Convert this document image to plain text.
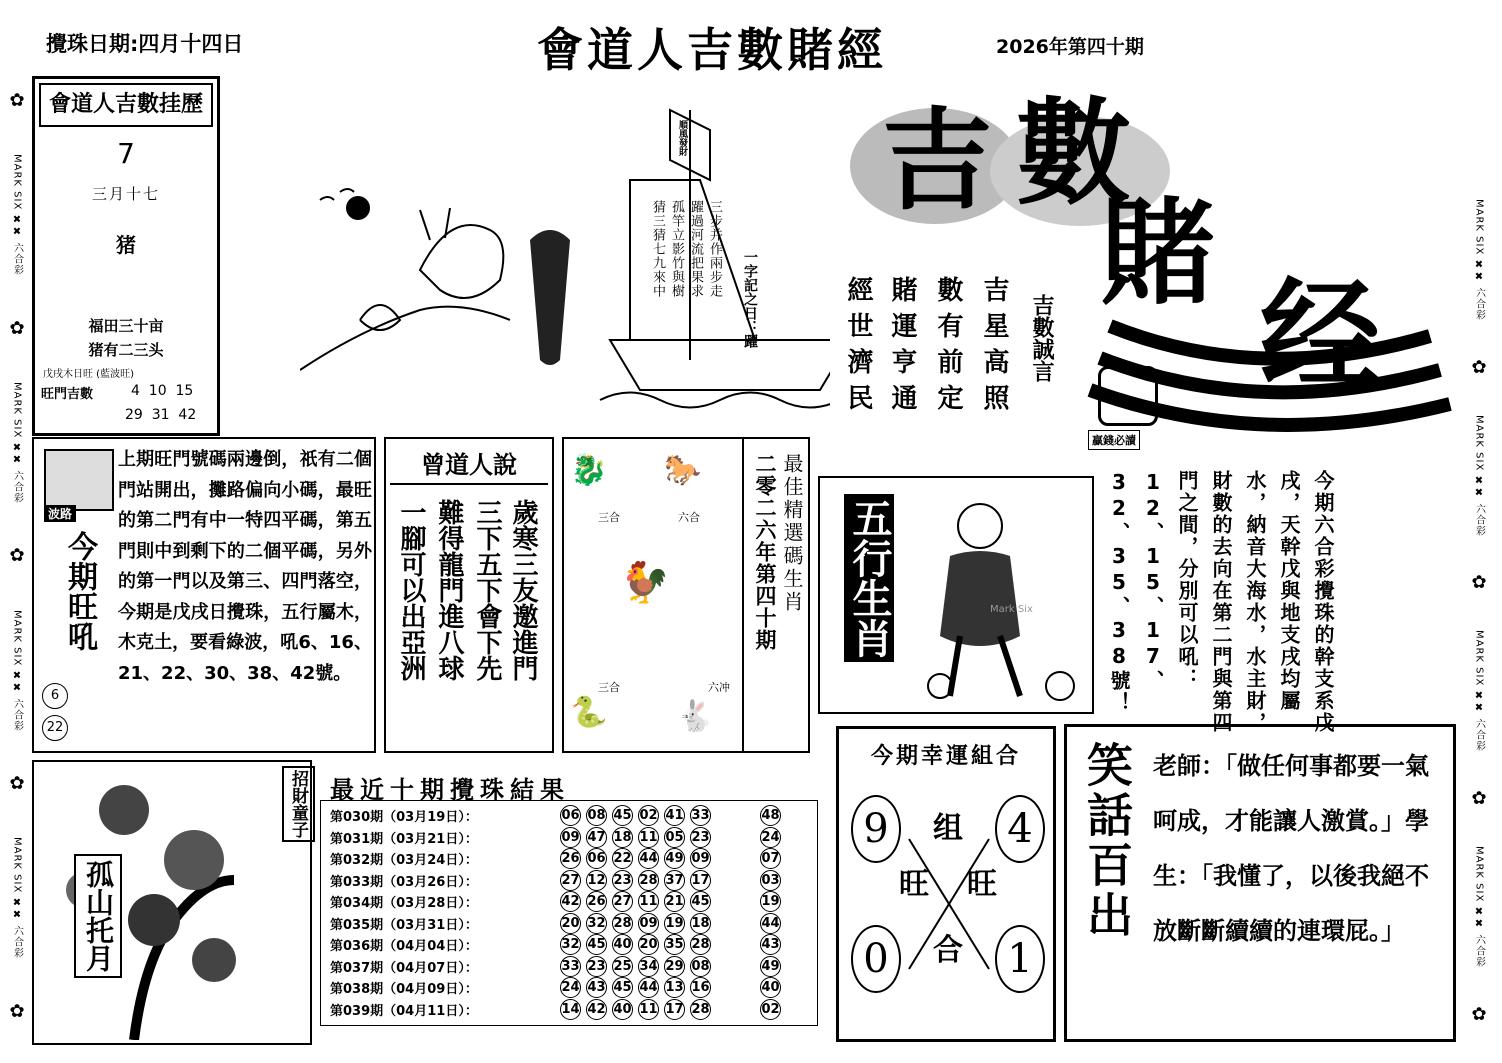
攪珠日期:四月十四日	會道人吉數賭經	2026年第四十期
✿
MARK SIX ✖✖ 六合彩
✿
MARK SIX ✖✖ 六合彩
✿
MARK SIX ✖✖ 六合彩
✿
MARK SIX ✖✖ 六合彩
✿
MARK SIX ✖✖ 六合彩
✿
MARK SIX ✖✖ 六合彩
✿
MARK SIX ✖✖ 六合彩
✿
MARK SIX ✖✖ 六合彩
✿
會道人吉數挂歷
7
三月十七
猪
福田三十亩
猪有二三头
戊戌木日旺 (藍波旺)
旺門吉數	4  10  15
29  31  42
順風發財
三步并作兩步走
躍過河流把果求
孤竿立影竹與樹
猜三猜七九來中
一字記之日：躍
吉 數
賭
经
吉星高照
數有前定
賭運亨通
經世濟民	吉數誠言
贏錢必讀
波路
今期旺吼
6
22
上期旺門號碼兩邊倒，祇有二個門站開出，攤路偏向小碼，最旺的第二門有中一特四平碼，第五門則中到剩下的二個平碼，另外的第一門以及第三、四門落空，今期是戊戌日攪珠，五行屬木，木克土，要看綠波，吼6、16、21、22、30、38、42號。
曾道人說
歲寒三友邀進門
三下五下會下先
難得龍門進八球
一腳可以出亞洲
🐉 🐎
🐓
🐍 🐇
三合	六合
三合	六冲
最佳精選碼生肖
二零二六年第四十期 五行生肖	Mark Six	今期六合彩攪珠的幹支系戊戌，天幹戊與地支戌均屬水，納音大海水，水主財，財數的去向在第二門與第四門之間，分別可以吼：12、15、17、32、35、38號！
招財童子
孤山托月
最近十期攪珠結果
第030期（03月19日）：	06 08 45 02 41 33	48
第031期（03月21日）：	09 47 18 11 05 23	24
第032期（03月24日）：	26 06 22 44 49 09	07
第033期（03月26日）：	27 12 23 28 37 17	03
第034期（03月28日）：	42 26 27 11 21 45	19
第035期（03月31日）：	20 32 28 09 19 18	44
第036期（04月04日）：	32 45 40 20 35 28	43
第037期（04月07日）：	33 23 25 34 29 08	49
第038期（04月09日）：	24 43 45 44 13 16	40
第039期（04月11日）：	14 42 40 11 17 28	02
今期幸運組合
9	4
0	1
组
旺 旺
合
笑話百出 老師：「做任何事都要一氣呵成，才能讓人激賞。」學生：「我懂了，以後我絕不放斷斷續續的連環屁。」
